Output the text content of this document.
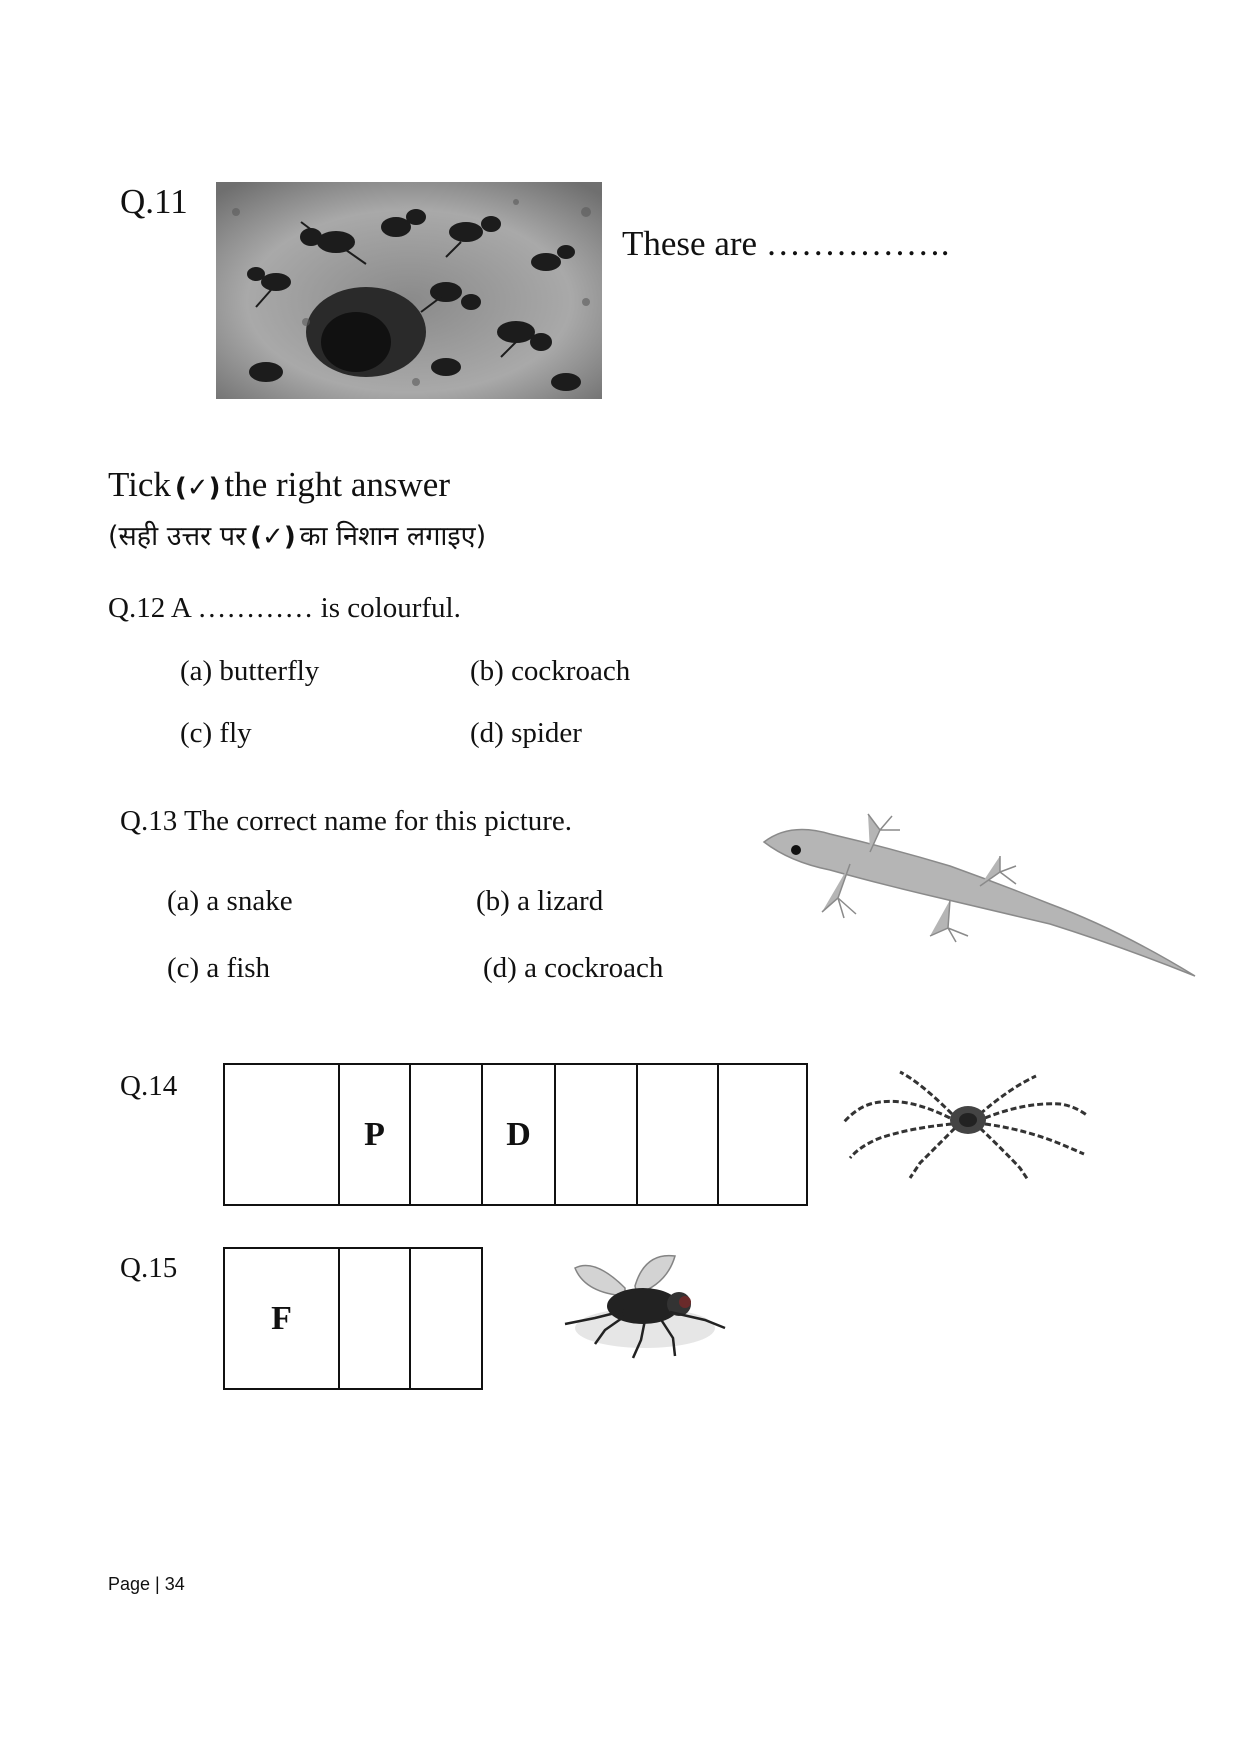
Q.11
These are …………….
Tick (✓) the right answer
(सही उत्तर पर (✓) का निशान लगाइए)
Q.12 A ………… is colourful.
(a) butterfly	(b) cockroach
(c) fly	(d) spider
Q.13 The correct name for this picture.
(a) a snake	(b) a lizard
(c) a fish	(d) a cockroach
Q.14
P	D
Q.15
F
Page | 34
